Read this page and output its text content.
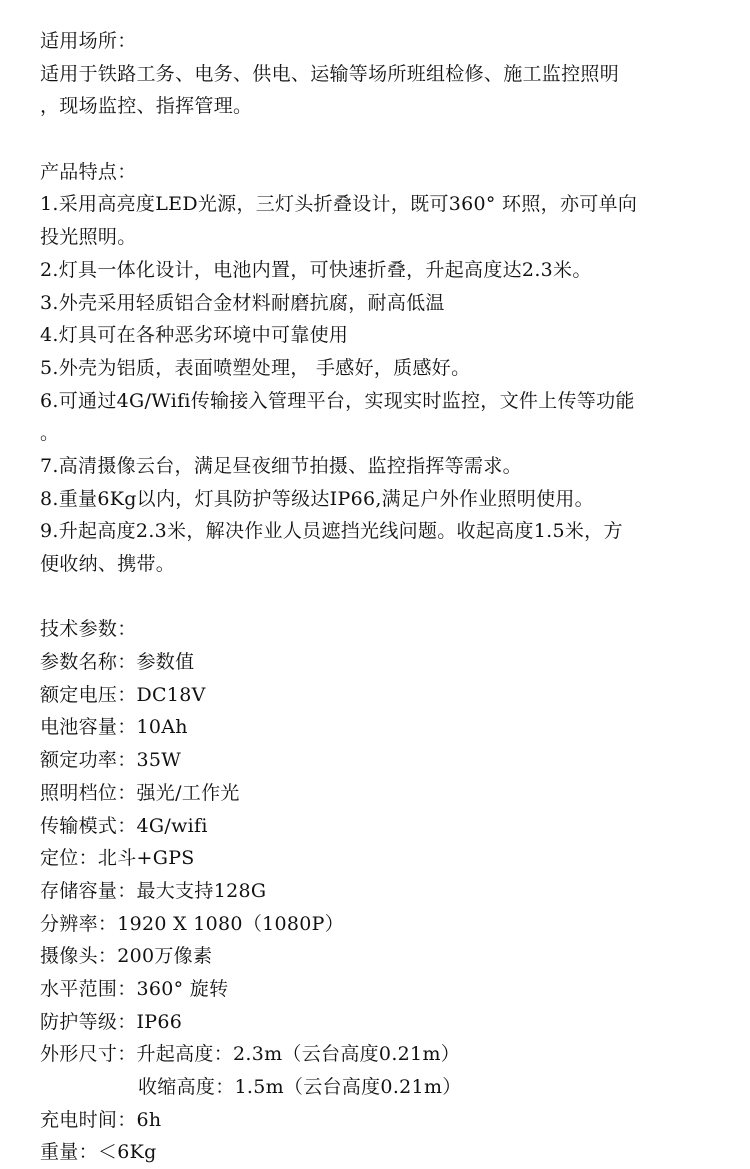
适用场所：
适用于铁路工务、电务、供电、运输等场所班组检修、施工监控照明
，现场监控、指挥管理。
产品特点：
1.采用高亮度LED光源，三灯头折叠设计，既可360° 环照，亦可单向
投光照明。
2.灯具一体化设计，电池内置，可快速折叠，升起高度达2.3米。
3.外壳采用轻质铝合金材料耐磨抗腐，耐高低温
4.灯具可在各种恶劣环境中可靠使用
5.外壳为铝质，表面喷塑处理， 手感好，质感好。
6.可通过4G/Wifi传输接入管理平台，实现实时监控，文件上传等功能
。
7.高清摄像云台，满足昼夜细节拍摄、监控指挥等需求。
8.重量6Kg以内，灯具防护等级达IP66,满足户外作业照明使用。
9.升起高度2.3米，解决作业人员遮挡光线问题。收起高度1.5米，方
便收纳、携带。
技术参数：
参数名称：参数值
额定电压：DC18V
电池容量：10Ah
额定功率：35W
照明档位：强光/工作光
传输模式：4G/wifi
定位：北斗+GPS
存储容量：最大支持128G
分辨率：1920 X 1080（1080P）
摄像头：200万像素
水平范围：360° 旋转
防护等级：IP66
外形尺寸：升起高度：2.3m（云台高度0.21m）
收缩高度：1.5m（云台高度0.21m）
充电时间：6h
重量：＜6Kg
